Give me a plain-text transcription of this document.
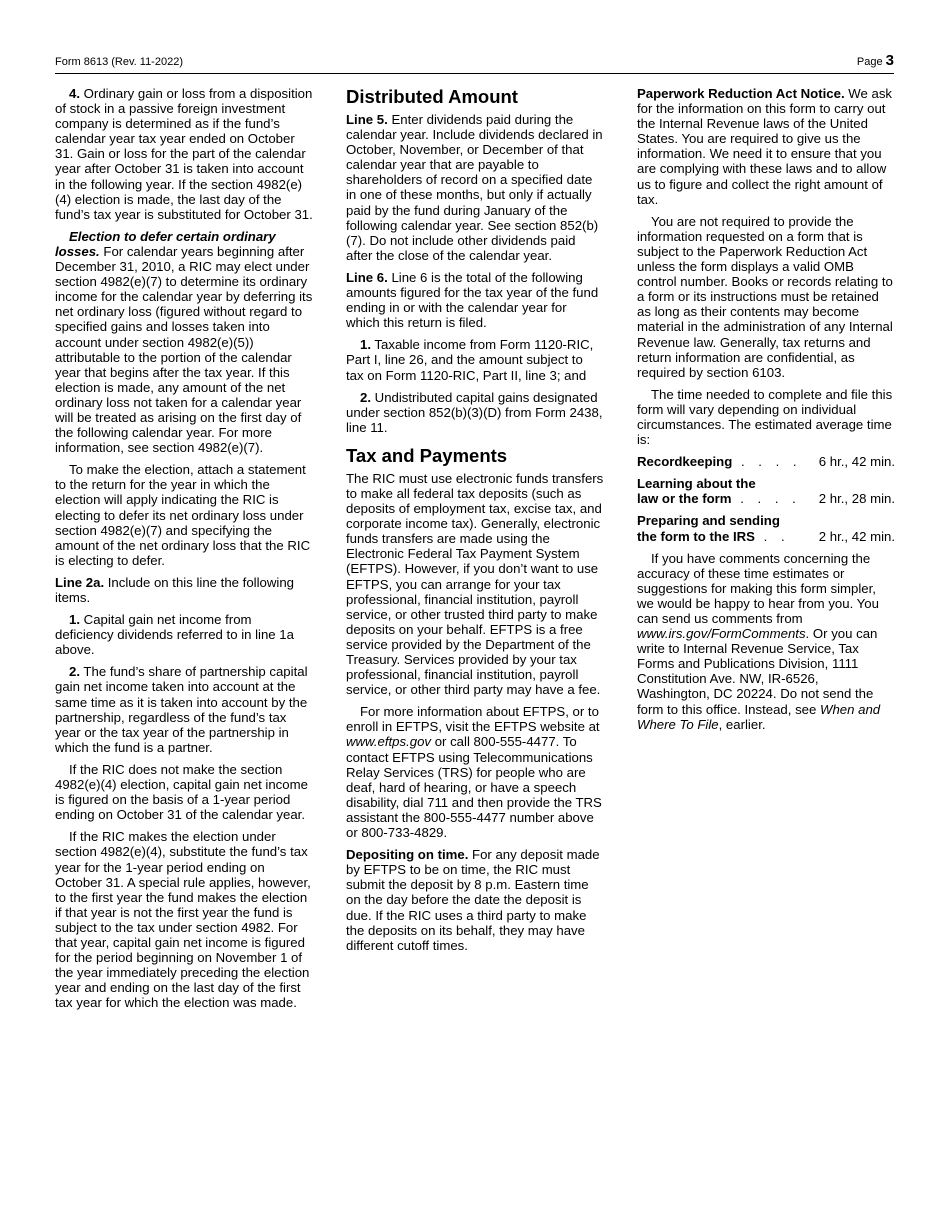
Form 8613 (Rev. 11-2022)	Page 3

4. Ordinary gain or loss from a disposition of stock in a passive foreign investment company is determined as if the fund’s calendar year tax year ended on October 31. Gain or loss for the part of the calendar year after October 31 is taken into account in the following year. If the section 4982(e)(4) election is made, the last day of the fund’s tax year is substituted for October 31.

Election to defer certain ordinary losses. For calendar years beginning after December 31, 2010, a RIC may elect under section 4982(e)(7) to determine its ordinary income for the calendar year by deferring its net ordinary loss (figured without regard to specified gains and losses taken into account under section 4982(e)(5)) attributable to the portion of the calendar year that begins after the tax year. If this election is made, any amount of the net ordinary loss not taken for a calendar year will be treated as arising on the first day of the following calendar year. For more information, see section 4982(e)(7).

To make the election, attach a statement to the return for the year in which the election will apply indicating the RIC is electing to defer its net ordinary loss under section 4982(e)(7) and specifying the amount of the net ordinary loss that the RIC is electing to defer.

Line 2a. Include on this line the following items.

1. Capital gain net income from deficiency dividends referred to in line 1a above.

2. The fund’s share of partnership capital gain net income taken into account at the same time as it is taken into account by the partnership, regardless of the fund’s tax year or the tax year of the partnership in which the fund is a partner.

If the RIC does not make the section 4982(e)(4) election, capital gain net income is figured on the basis of a 1-year period ending on October 31 of the calendar year.

If the RIC makes the election under section 4982(e)(4), substitute the fund’s tax year for the 1-year period ending on October 31. A special rule applies, however, to the first year the fund makes the election if that year is not the first year the fund is subject to the tax under section 4982. For that year, capital gain net income is figured for the period beginning on November 1 of the year immediately preceding the election year and ending on the last day of the first tax year for which the election was made.

Distributed Amount

Line 5. Enter dividends paid during the calendar year. Include dividends declared in October, November, or December of that calendar year that are payable to shareholders of record on a specified date in one of these months, but only if actually paid by the fund during January of the following calendar year. See section 852(b)(7). Do not include other dividends paid after the close of the calendar year.

Line 6. Line 6 is the total of the following amounts figured for the tax year of the fund ending in or with the calendar year for which this return is filed.

1. Taxable income from Form 1120-RIC, Part I, line 26, and the amount subject to tax on Form 1120-RIC, Part II, line 3; and

2. Undistributed capital gains designated under section 852(b)(3)(D) from Form 2438, line 11.

Tax and Payments

The RIC must use electronic funds transfers to make all federal tax deposits (such as deposits of employment tax, excise tax, and corporate income tax). Generally, electronic funds transfers are made using the Electronic Federal Tax Payment System (EFTPS). However, if you don’t want to use EFTPS, you can arrange for your tax professional, financial institution, payroll service, or other trusted third party to make deposits on your behalf. EFTPS is a free service provided by the Department of the Treasury. Services provided by your tax professional, financial institution, payroll service, or other third party may have a fee.

For more information about EFTPS, or to enroll in EFTPS, visit the EFTPS website at www.eftps.gov or call 800-555-4477. To contact EFTPS using Telecommunications Relay Services (TRS) for people who are deaf, hard of hearing, or have a speech disability, dial 711 and then provide the TRS assistant the 800-555-4477 number above or 800-733-4829.

Depositing on time. For any deposit made by EFTPS to be on time, the RIC must submit the deposit by 8 p.m. Eastern time on the day before the date the deposit is due. If the RIC uses a third party to make the deposits on its behalf, they may have different cutoff times.

Paperwork Reduction Act Notice. We ask for the information on this form to carry out the Internal Revenue laws of the United States. You are required to give us the information. We need it to ensure that you are complying with these laws and to allow us to figure and collect the right amount of tax.

You are not required to provide the information requested on a form that is subject to the Paperwork Reduction Act unless the form displays a valid OMB control number. Books or records relating to a form or its instructions must be retained as long as their contents may become material in the administration of any Internal Revenue law. Generally, tax returns and return information are confidential, as required by section 6103.

The time needed to complete and file this form will vary depending on individual circumstances. The estimated average time is:

Recordkeeping . . . .	6 hr., 42 min.
Learning about the
law or the form . . . .	2 hr., 28 min.
Preparing and sending
the form to the IRS . .	2 hr., 42 min.

If you have comments concerning the accuracy of these time estimates or suggestions for making this form simpler, we would be happy to hear from you. You can send us comments from www.irs.gov/FormComments. Or you can write to Internal Revenue Service, Tax Forms and Publications Division, 1111 Constitution Ave. NW, IR-6526, Washington, DC 20224. Do not send the form to this office. Instead, see When and Where To File, earlier.
